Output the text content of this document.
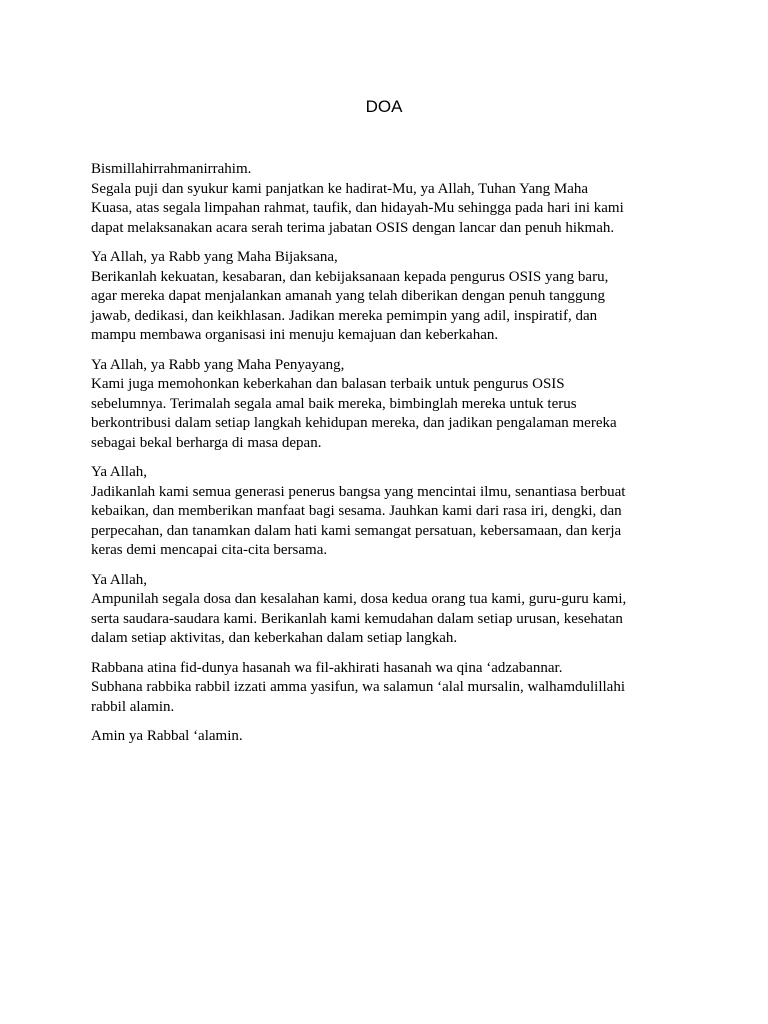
DOA

Bismillahirrahmanirrahim.
Segala puji dan syukur kami panjatkan ke hadirat-Mu, ya Allah, Tuhan Yang Maha
Kuasa, atas segala limpahan rahmat, taufik, dan hidayah-Mu sehingga pada hari ini kami
dapat melaksanakan acara serah terima jabatan OSIS dengan lancar dan penuh hikmah.

Ya Allah, ya Rabb yang Maha Bijaksana,
Berikanlah kekuatan, kesabaran, dan kebijaksanaan kepada pengurus OSIS yang baru,
agar mereka dapat menjalankan amanah yang telah diberikan dengan penuh tanggung
jawab, dedikasi, dan keikhlasan. Jadikan mereka pemimpin yang adil, inspiratif, dan
mampu membawa organisasi ini menuju kemajuan dan keberkahan.

Ya Allah, ya Rabb yang Maha Penyayang,
Kami juga memohonkan keberkahan dan balasan terbaik untuk pengurus OSIS
sebelumnya. Terimalah segala amal baik mereka, bimbinglah mereka untuk terus
berkontribusi dalam setiap langkah kehidupan mereka, dan jadikan pengalaman mereka
sebagai bekal berharga di masa depan.

Ya Allah,
Jadikanlah kami semua generasi penerus bangsa yang mencintai ilmu, senantiasa berbuat
kebaikan, dan memberikan manfaat bagi sesama. Jauhkan kami dari rasa iri, dengki, dan
perpecahan, dan tanamkan dalam hati kami semangat persatuan, kebersamaan, dan kerja
keras demi mencapai cita-cita bersama.

Ya Allah,
Ampunilah segala dosa dan kesalahan kami, dosa kedua orang tua kami, guru-guru kami,
serta saudara-saudara kami. Berikanlah kami kemudahan dalam setiap urusan, kesehatan
dalam setiap aktivitas, dan keberkahan dalam setiap langkah.

Rabbana atina fid-dunya hasanah wa fil-akhirati hasanah wa qina ‘adzabannar.
Subhana rabbika rabbil izzati amma yasifun, wa salamun ‘alal mursalin, walhamdulillahi
rabbil alamin.

Amin ya Rabbal ‘alamin.
